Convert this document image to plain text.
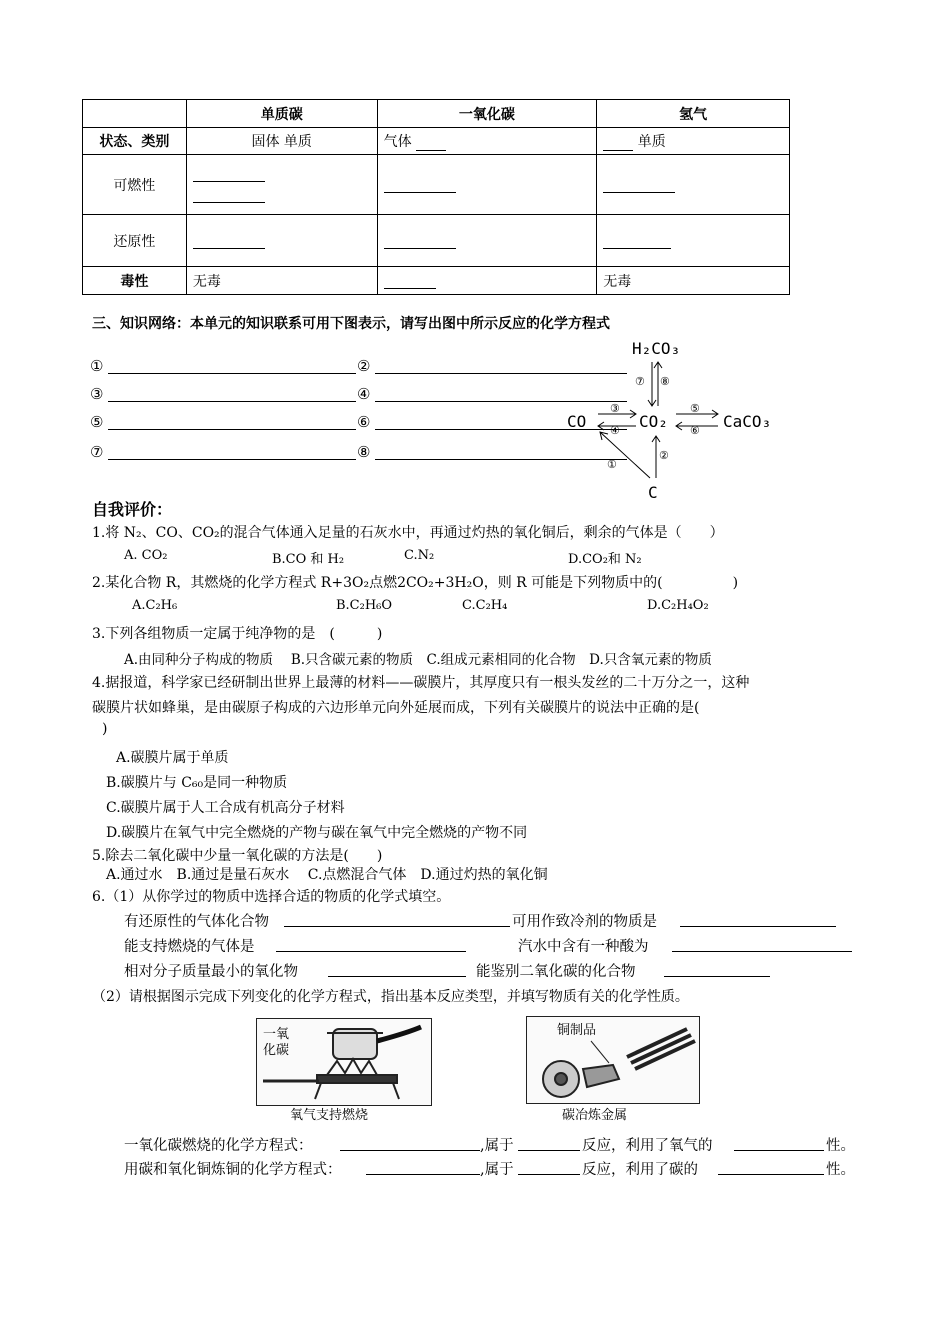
	单质碳	一氧化碳	氢气
状态、类别	固体 单质	气体	单质
可燃性	

还原性			
毒性	无毒		无毒
三、知识网络：本单元的知识联系可用下图表示，请写出图中所示反应的化学方程式
①	②
③	④
⑤	⑥
⑦	⑧
H₂CO₃
CO	CO₂	CaCO₃
C
⑦ ⑧
③
④
⑤
⑥
①
②
自我评价：
1.将 N₂、CO、CO₂的混合气体通入足量的石灰水中，再通过灼热的氧化铜后，剩余的气体是（　　）
A. CO₂	B.CO 和 H₂	C.N₂	D.CO₂和 N₂
2.某化合物 R，其燃烧的化学方程式 R+3O₂点燃2CO₂+3H₂O，则 R 可能是下列物质中的(　　　　　)
A.C₂H₆	B.C₂H₆O	C.C₂H₄	D.C₂H₄O₂
3.下列各组物质一定属于纯净物的是　(　　　)
A.由同种分子构成的物质　 B.只含碳元素的物质　C.组成元素相同的化合物　D.只含氧元素的物质
4.据报道，科学家已经研制出世界上最薄的材料——碳膜片，其厚度只有一根头发丝的二十万分之一，这种
碳膜片状如蜂巢，是由碳原子构成的六边形单元向外延展而成，下列有关碳膜片的说法中正确的是(
)
A.碳膜片属于单质
B.碳膜片与 C₆₀是同一种物质
C.碳膜片属于人工合成有机高分子材料
D.碳膜片在氧气中完全燃烧的产物与碳在氧气中完全燃烧的产物不同
5.除去二氧化碳中少量一氧化碳的方法是(　　)
A.通过水　B.通过是量石灰水　 C.点燃混合气体　D.通过灼热的氧化铜
6.（1）从你学过的物质中选择合适的物质的化学式填空。
有还原性的气体化合物	可用作致冷剂的物质是
能支持燃烧的气体是	汽水中含有一种酸为
相对分子质量最小的氧化物	能鉴别二氧化碳的化合物
（2）请根据图示完成下列变化的化学方程式，指出基本反应类型，并填写物质有关的化学性质。
一氧化碳
氧气支持燃烧
铜制品
碳冶炼金属
一氧化碳燃烧的化学方程式：	,属于	反应，利用了氧气的	性。
用碳和氧化铜炼铜的化学方程式：	,属于	反应，利用了碳的	性。
